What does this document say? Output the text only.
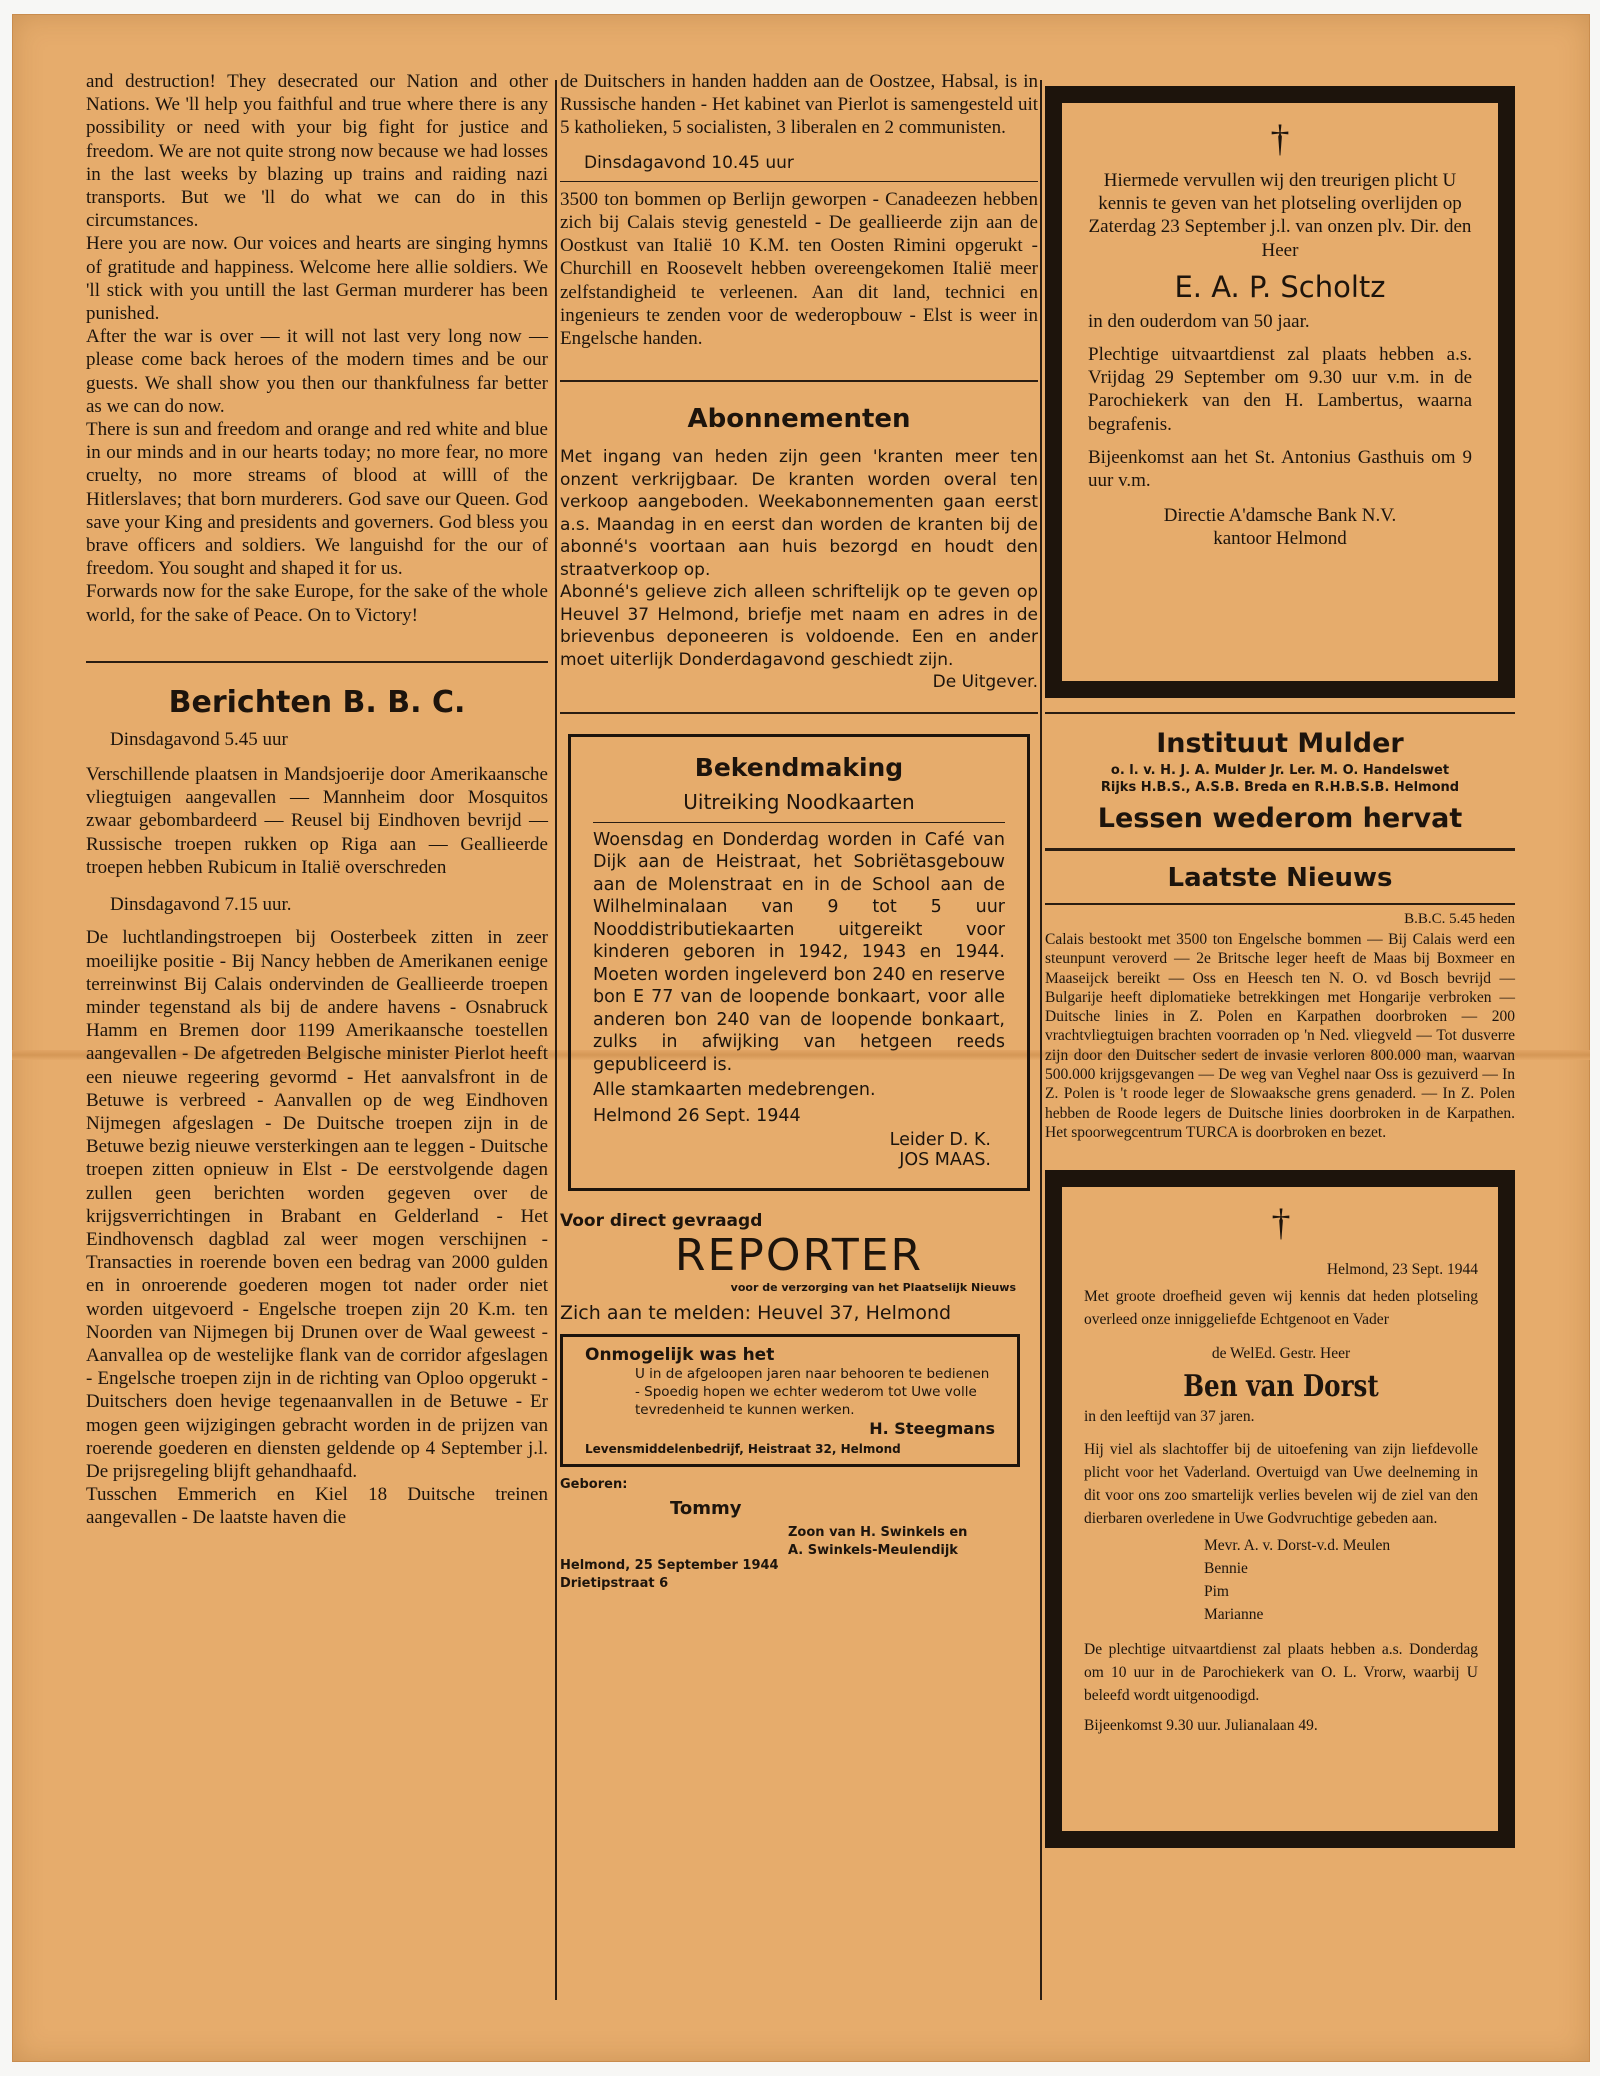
and destruction! They desecrated our Nation and other Nations. We 'll help you faithful and true where there is any possibility or need with your big fight for justice and freedom. We are not quite strong now because we had losses in the last weeks by blazing up trains and raiding nazi transports. But we 'll do what we can do in this circumstances.

Here you are now. Our voices and hearts are singing hymns of gratitude and happiness. Welcome here allie soldiers. We 'll stick with you untill the last German murderer has been punished.

After the war is over — it will not last very long now — please come back heroes of the modern times and be our guests. We shall show you then our thankfulness far better as we can do now.

There is sun and freedom and orange and red white and blue in our minds and in our hearts today; no more fear, no more cruelty, no more streams of blood at willl of the Hitlerslaves; that born murderers. God save our Queen. God save your King and presidents and governers. God bless you brave officers and soldiers. We languishd for the our of freedom. You sought and shaped it for us.

Forwards now for the sake Europe, for the sake of the whole world, for the sake of Peace. On to Victory!

Berichten B. B. C.

Dinsdagavond 5.45 uur

Verschillende plaatsen in Mandsjoerije door Amerikaansche vliegtuigen aangevallen — Mannheim door Mosquitos zwaar gebombardeerd — Reusel bij Eindhoven bevrijd — Russische troepen rukken op Riga aan — Geallieerde troepen hebben Rubicum in Italië overschreden

Dinsdagavond 7.15 uur.

De luchtlandingstroepen bij Oosterbeek zitten in zeer moeilijke positie - Bij Nancy hebben de Amerikanen eenige terreinwinst Bij Calais ondervinden de Geallieerde troepen minder tegenstand als bij de andere havens - Osnabruck Hamm en Bremen door 1199 Amerikaansche toestellen aangevallen - De afgetreden Belgische minister Pierlot heeft een nieuwe regeering gevormd - Het aanvalsfront in de Betuwe is verbreed - Aanvallen op de weg Eindhoven Nijmegen afgeslagen - De Duitsche troepen zijn in de Betuwe bezig nieuwe versterkingen aan te leggen - Duitsche troepen zitten opnieuw in Elst - De eerstvolgende dagen zullen geen berichten worden gegeven over de krijgsverrichtingen in Brabant en Gelderland - Het Eindhovensch dagblad zal weer mogen verschijnen - Transacties in roerende boven een bedrag van 2000 gulden en in onroerende goederen mogen tot nader order niet worden uitgevoerd - Engelsche troepen zijn 20 K.m. ten Noorden van Nijmegen bij Drunen over de Waal geweest - Aanvallea op de westelijke flank van de corridor afgeslagen - Engelsche troepen zijn in de richting van Oploo opgerukt - Duitschers doen hevige tegenaanvallen in de Betuwe - Er mogen geen wijzigingen gebracht worden in de prijzen van roerende goederen en diensten geldende op 4 September j.l. De prijsregeling blijft gehandhaafd.

Tusschen Emmerich en Kiel 18 Duitsche treinen aangevallen - De laatste haven die

de Duitschers in handen hadden aan de Oostzee, Habsal, is in Russische handen - Het kabinet van Pierlot is samengesteld uit 5 katholieken, 5 socialisten, 3 liberalen en 2 communisten.

Dinsdagavond 10.45 uur

3500 ton bommen op Berlijn geworpen - Canadeezen hebben zich bij Calais stevig genesteld - De geallieerde zijn aan de Oostkust van Italië 10 K.M. ten Oosten Rimini opgerukt - Churchill en Roosevelt hebben overeengekomen Italië meer zelfstandigheid te verleenen. Aan dit land, technici en ingenieurs te zenden voor de wederopbouw - Elst is weer in Engelsche handen.

Abonnementen

Met ingang van heden zijn geen 'kranten meer ten onzent verkrijgbaar. De kranten worden overal ten verkoop aangeboden. Weekabonnementen gaan eerst a.s. Maandag in en eerst dan worden de kranten bij de abonné's voortaan aan huis bezorgd en houdt den straatverkoop op.

Abonné's gelieve zich alleen schriftelijk op te geven op Heuvel 37 Helmond, briefje met naam en adres in de brievenbus deponeeren is voldoende. Een en ander moet uiterlijk Donderdagavond geschiedt zijn.

De Uitgever.

Bekendmaking
Uitreiking Noodkaarten

Woensdag en Donderdag worden in Café van Dijk aan de Heistraat, het Sobriëtasgebouw aan de Molenstraat en in de School aan de Wilhelminalaan van 9 tot 5 uur Nooddistributiekaarten uitgereikt voor kinderen geboren in 1942, 1943 en 1944. Moeten worden ingeleverd bon 240 en reserve bon E 77 van de loopende bonkaart, voor alle anderen bon 240 van de loopende bonkaart, zulks in afwijking van hetgeen reeds gepubliceerd is.

Alle stamkaarten medebrengen.

Helmond 26 Sept. 1944

Leider D. K.

JOS MAAS.

Voor direct gevraagd

REPORTER

voor de verzorging van het Plaatselijk Nieuws

Zich aan te melden: Heuvel 37, Helmond

Onmogelijk was het

U in de afgeloopen jaren naar behooren te bedienen - Spoedig hopen we echter wederom tot Uwe volle tevredenheid te kunnen werken.

H. Steegmans

Levensmiddelenbedrijf, Heistraat 32, Helmond

Geboren:

Tommy

Zoon van H. Swinkels en

A. Swinkels-Meulendijk

Helmond, 25 September 1944

Drietipstraat 6

†

Hiermede vervullen wij den treurigen plicht U kennis te geven van het plotseling overlijden op Zaterdag 23 September j.l. van onzen plv. Dir. den Heer

E. A. P. Scholtz

in den ouderdom van 50 jaar.

Plechtige uitvaartdienst zal plaats hebben a.s. Vrijdag 29 September om 9.30 uur v.m. in de Parochiekerk van den H. Lambertus, waarna begrafenis.

Bijeenkomst aan het St. Antonius Gasthuis om 9 uur v.m.

Directie A'damsche Bank N.V.

kantoor Helmond

Instituut Mulder

o. l. v. H. J. A. Mulder Jr. Ler. M. O. Handelswet

Rijks H.B.S., A.S.B. Breda en R.H.B.S.B. Helmond

Lessen wederom hervat
Laatste Nieuws

B.B.C. 5.45 heden

Calais bestookt met 3500 ton Engelsche bommen — Bij Calais werd een steunpunt veroverd — 2e Britsche leger heeft de Maas bij Boxmeer en Maaseijck bereikt — Oss en Heesch ten N. O. vd Bosch bevrijd — Bulgarije heeft diplomatieke betrekkingen met Hongarije verbroken — Duitsche linies in Z. Polen en Karpathen doorbroken — 200 vrachtvliegtuigen brachten voorraden op 'n Ned. vliegveld — Tot dusverre zijn door den Duitscher sedert de invasie verloren 800.000 man, waarvan 500.000 krijgsgevangen — De weg van Veghel naar Oss is gezuiverd — In Z. Polen is 't roode leger de Slowaaksche grens genaderd. — In Z. Polen hebben de Roode legers de Duitsche linies doorbroken in de Karpathen. Het spoorwegcentrum TURCA is doorbroken en bezet.

†

Helmond, 23 Sept. 1944

Met groote droefheid geven wij kennis dat heden plotseling overleed onze inniggeliefde Echtgenoot en Vader

de WelEd. Gestr. Heer

Ben van Dorst

in den leeftijd van 37 jaren.

Hij viel als slachtoffer bij de uitoefening van zijn liefdevolle plicht voor het Vaderland. Overtuigd van Uwe deelneming in dit voor ons zoo smartelijk verlies bevelen wij de ziel van den dierbaren overledene in Uwe Godvruchtige gebeden aan.

Mevr. A. v. Dorst-v.d. Meulen

Bennie

Pim

Marianne

De plechtige uitvaartdienst zal plaats hebben a.s. Donderdag om 10 uur in de Parochiekerk van O. L. Vrorw, waarbij U beleefd wordt uitgenoodigd.

Bijeenkomst 9.30 uur. Julianalaan 49.
